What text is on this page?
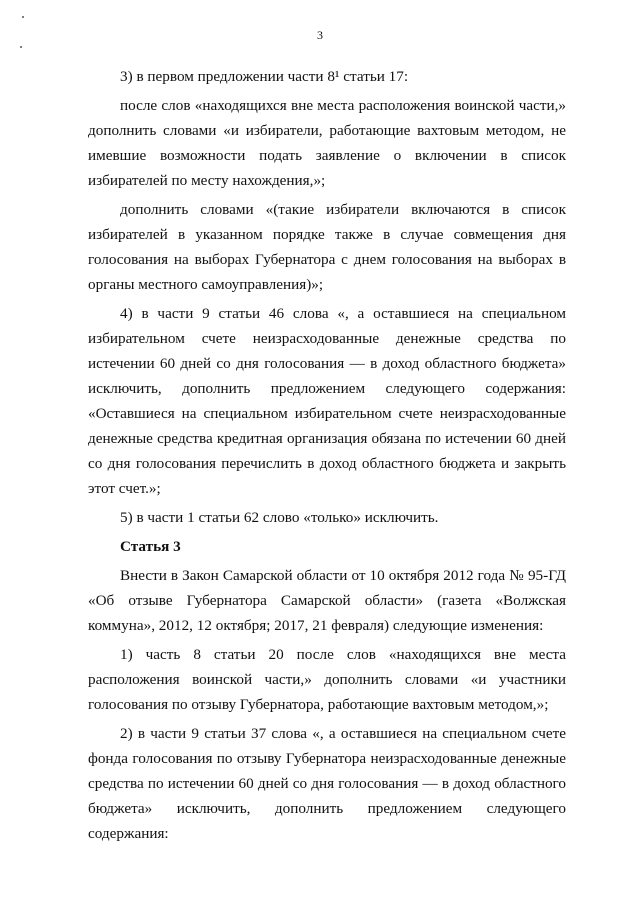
3

3) в первом предложении части 8¹ статьи 17:

после слов «находящихся вне места расположения воинской части,» дополнить словами «и избиратели, работающие вахтовым методом, не имевшие возможности подать заявление о включении в список избирателей по месту нахождения,»;

дополнить словами «(такие избиратели включаются в список избирателей в указанном порядке также в случае совмещения дня голосования на выборах Губернатора с днем голосования на выборах в органы местного самоуправления)»;

4) в части 9 статьи 46 слова «, а оставшиеся на специальном избирательном счете неизрасходованные денежные средства по истечении 60 дней со дня голосования — в доход областного бюджета» исключить, дополнить предложением следующего содержания: «Оставшиеся на специальном избирательном счете неизрасходованные денежные средства кредитная организация обязана по истечении 60 дней со дня голосования перечислить в доход областного бюджета и закрыть этот счет.»;

5) в части 1 статьи 62 слово «только» исключить.

Статья 3

Внести в Закон Самарской области от 10 октября 2012 года № 95-ГД «Об отзыве Губернатора Самарской области» (газета «Волжская коммуна», 2012, 12 октября; 2017, 21 февраля) следующие изменения:

1) часть 8 статьи 20 после слов «находящихся вне места расположения воинской части,» дополнить словами «и участники голосования по отзыву Губернатора, работающие вахтовым методом,»;

2) в части 9 статьи 37 слова «, а оставшиеся на специальном счете фонда голосования по отзыву Губернатора неизрасходованные денежные средства по истечении 60 дней со дня голосования — в доход областного бюджета» исключить, дополнить предложением следующего содержания:
